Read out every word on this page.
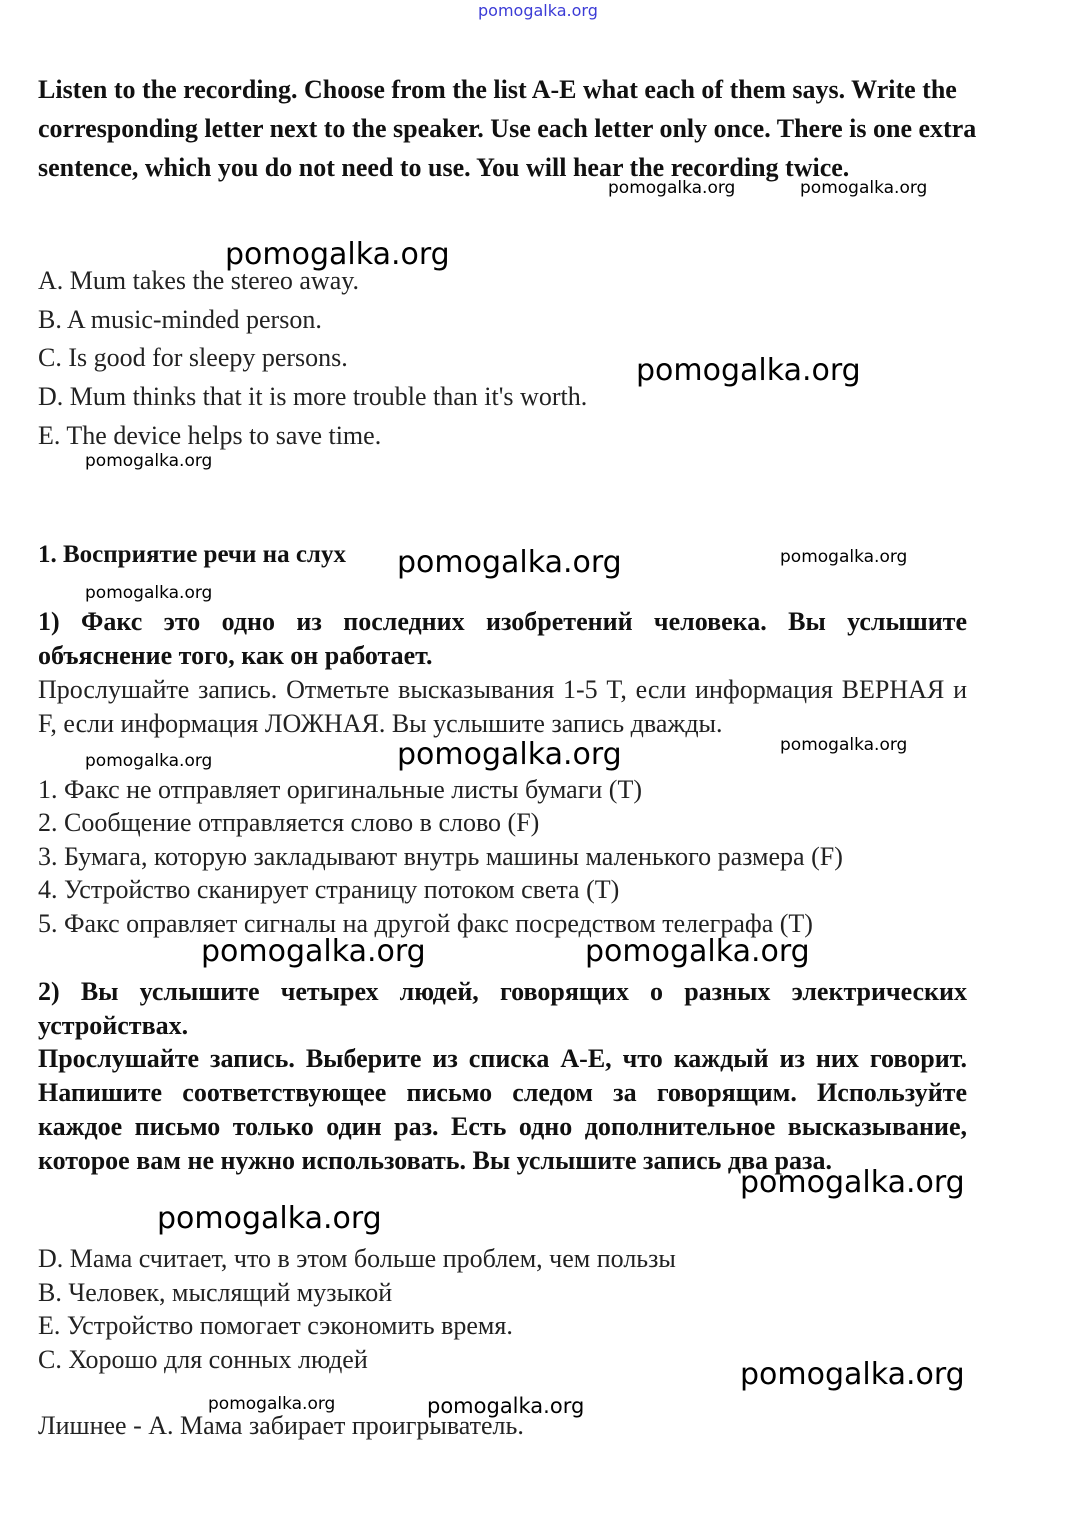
pomogalka.org

Listen to the recording. Choose from the list A-E what each of them says. Write the corresponding letter next to the speaker. Use each letter only once. There is one extra sentence, which you do not need to use. You will hear the recording twice.

A. Mum takes the stereo away.
B. A music-minded person.
C. Is good for sleepy persons.
D. Mum thinks that it is more trouble than it's worth.
E. The device helps to save time.
1. Восприятие речи на слух

1) Факс это одно из последних изобретений человека. Вы услышите объяснение того, как он работает.

Прослушайте запись. Отметьте высказывания 1-5 T, если информация ВЕРНАЯ и F, если информация ЛОЖНАЯ. Вы услышите запись дважды.

1. Факс не отправляет оригинальные листы бумаги (T)
2. Сообщение отправляется слово в слово (F)
3. Бумага, которую закладывают внутрь машины маленького размера (F)
4. Устройство сканирует страницу потоком света (T)
5. Факс оправляет сигналы на другой факс посредством телеграфа (T)

2) Вы услышите четырех людей, говорящих о разных электрических устройствах.

Прослушайте запись. Выберите из списка A-E, что каждый из них говорит. Напишите соответствующее письмо следом за говорящим. Используйте каждое письмо только один раз. Есть одно дополнительное высказывание, которое вам не нужно использовать. Вы услышите запись два раза.

D. Мама считает, что в этом больше проблем, чем пользы
B. Человек, мыслящий музыкой
E. Устройство помогает сэкономить время.
C. Хорошо для сонных людей
Лишнее - A. Мама забирает проигрыватель.
pomogalka.org	pomogalka.org
pomogalka.org
pomogalka.org
pomogalka.org
pomogalka.org	pomogalka.org
pomogalka.org
pomogalka.org
pomogalka.org
pomogalka.org
pomogalka.org	pomogalka.org
pomogalka.org
pomogalka.org
pomogalka.org
pomogalka.org	pomogalka.org
